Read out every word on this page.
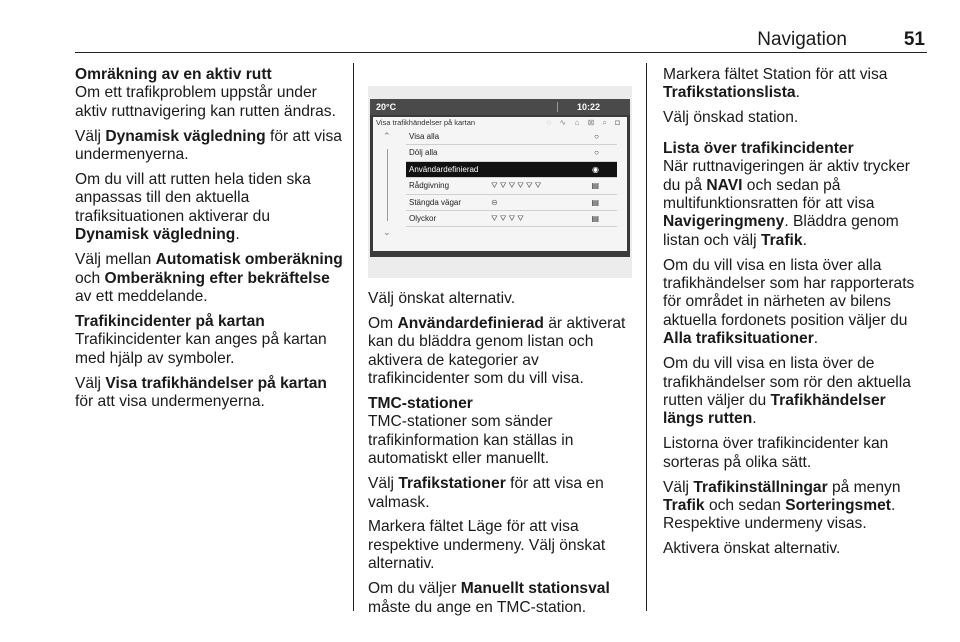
Navigation	51

Omräkning av en aktiv rutt

Om ett trafikproblem uppstår under aktiv ruttnavigering kan rutten ändras.

Välj Dynamisk vägledning för att visa undermenyerna.

Om du vill att rutten hela tiden ska anpassas till den aktuella trafiksituationen aktiverar du Dynamisk vägledning.

Välj mellan Automatisk omberäkning och Omberäkning efter bekräftelse av ett meddelande.

Trafikincidenter på kartan

Trafikincidenter kan anges på kartan med hjälp av symboler.

Välj Visa trafikhändelser på kartan för att visa undermenyerna.

20°C	10:22
Visa trafikhändelser på kartan	◌ ∿ ⌂ ⊠ ⌕ ◘
⌃
⌄
Visa alla	○
Dölj alla	○
Användardefinierad	◉
Rådgivning	⛛⛛⛛⛛⛛⛛	▤
Stängda vägar	⊖	▤
Olyckor	⛛⛛⛛⛛	▤

Välj önskat alternativ.

Om Användardefinierad är aktiverat kan du bläddra genom listan och aktivera de kategorier av trafikincidenter som du vill visa.

TMC-stationer

TMC-stationer som sänder trafikinformation kan ställas in automatiskt eller manuellt.

Välj Trafikstationer för att visa en valmask.

Markera fältet Läge för att visa respektive undermeny. Välj önskat alternativ.

Om du väljer Manuellt stationsval måste du ange en TMC-station.

Markera fältet Station för att visa Trafikstationslista.

Välj önskad station.

Lista över trafikincidenter

När ruttnavigeringen är aktiv trycker du på NAVI och sedan på multifunktionsratten för att visa Navigeringmeny. Bläddra genom listan och välj Trafik.

Om du vill visa en lista över alla trafikhändelser som har rapporterats för området in närheten av bilens aktuella fordonets position väljer du Alla trafiksituationer.

Om du vill visa en lista över de trafikhändelser som rör den aktuella rutten väljer du Trafikhändelser längs rutten.

Listorna över trafikincidenter kan sorteras på olika sätt.

Välj Trafikinställningar på menyn Trafik och sedan Sorteringsmet. Respektive undermeny visas.

Aktivera önskat alternativ.
